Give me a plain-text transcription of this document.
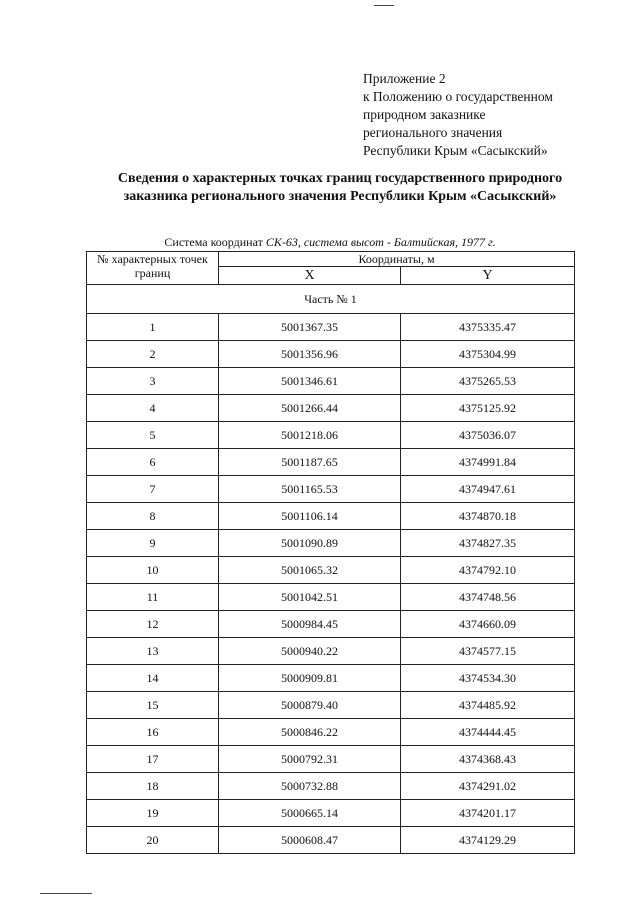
Приложение 2
к Положению о государственном
природном заказнике
регионального значения
Республики Крым «Сасыкский»
Сведения о характерных точках границ государственного природного
заказника регионального значения Республики Крым «Сасыкский»
Система координат СК-63, система высот - Балтийская, 1977 г.
№ характерных точек границ	Координаты, м	
	X	Y
Часть № 1		
1	5001367.35	4375335.47
2	5001356.96	4375304.99
3	5001346.61	4375265.53
4	5001266.44	4375125.92
5	5001218.06	4375036.07
6	5001187.65	4374991.84
7	5001165.53	4374947.61
8	5001106.14	4374870.18
9	5001090.89	4374827.35
10	5001065.32	4374792.10
11	5001042.51	4374748.56
12	5000984.45	4374660.09
13	5000940.22	4374577.15
14	5000909.81	4374534.30
15	5000879.40	4374485.92
16	5000846.22	4374444.45
17	5000792.31	4374368.43
18	5000732.88	4374291.02
19	5000665.14	4374201.17
20	5000608.47	4374129.29
